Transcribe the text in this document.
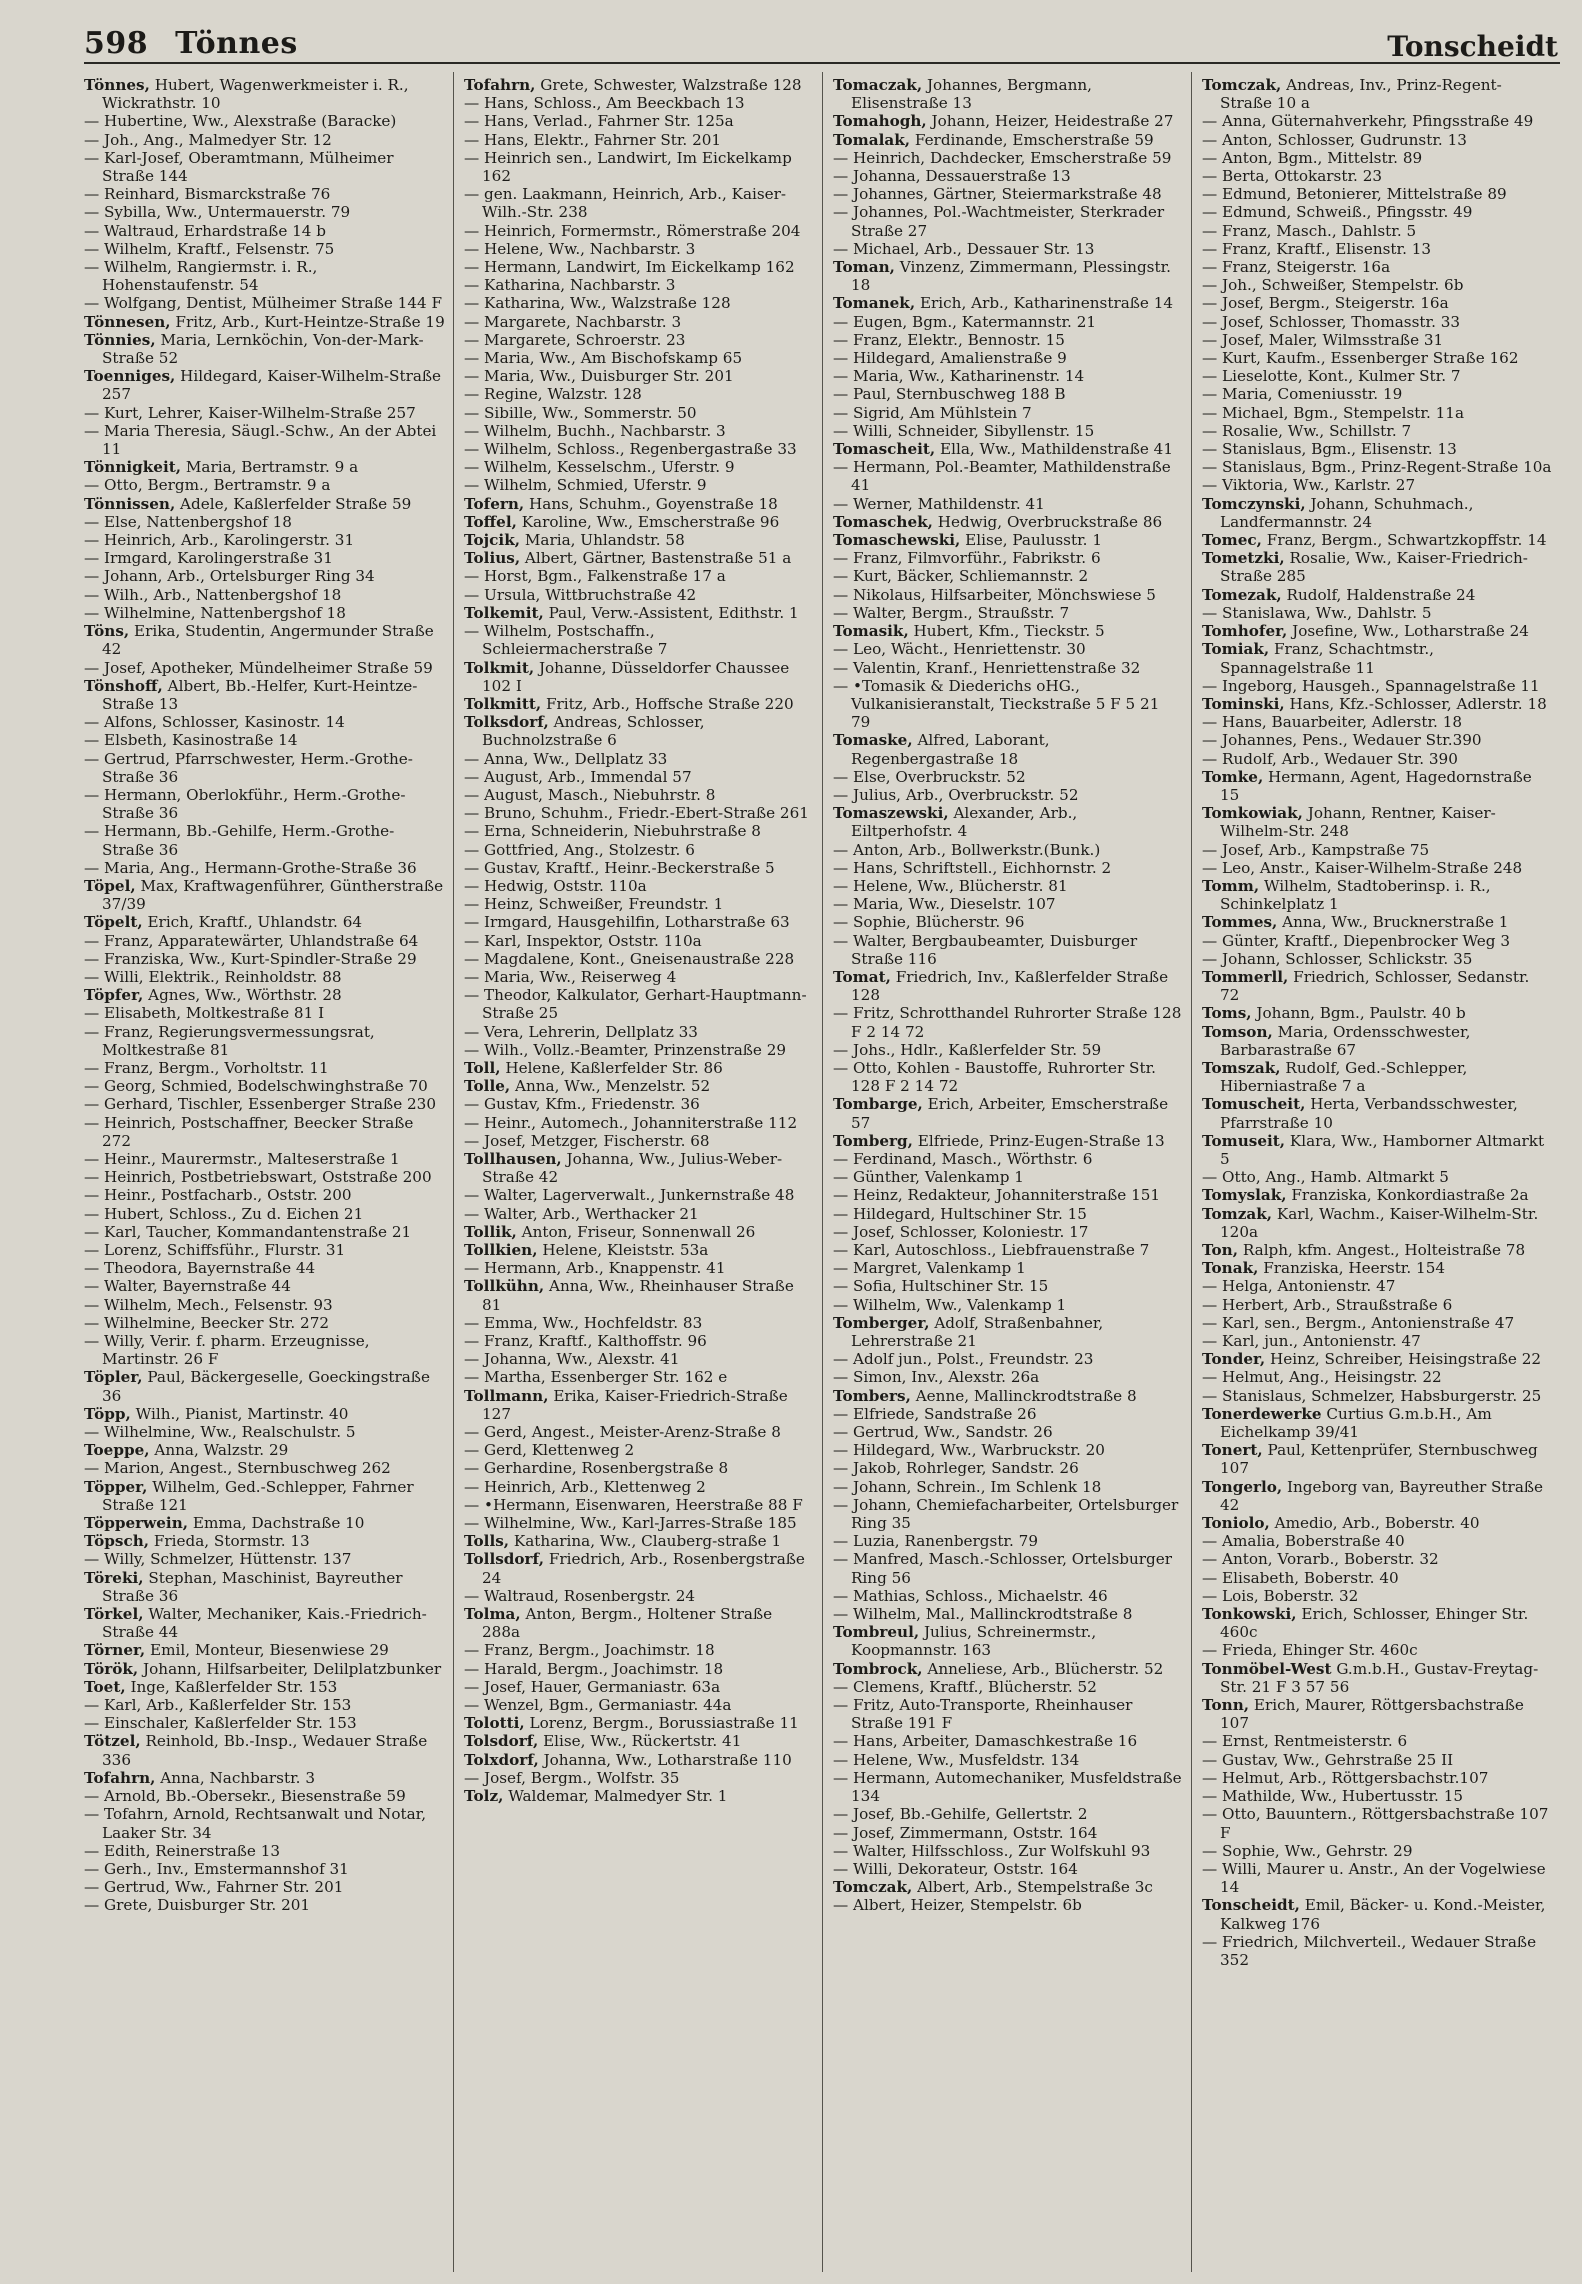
598 Tönnes	Tonscheidt

Tönnes, Hubert, Wagenwerkmeister i. R., Wickrathstr. 10

— Hubertine, Ww., Alexstraße (Baracke)

— Joh., Ang., Malmedyer Str. 12

— Karl-Josef, Oberamtmann, Mülheimer Straße 144

— Reinhard, Bismarckstraße 76

— Sybilla, Ww., Untermauerstr. 79

— Waltraud, Erhardstraße 14 b

— Wilhelm, Kraftf., Felsenstr. 75

— Wilhelm, Rangiermstr. i. R., Hohenstaufenstr. 54

— Wolfgang, Dentist, Mülheimer Straße 144 F

Tönnesen, Fritz, Arb., Kurt-Heintze-Straße 19

Tönnies, Maria, Lernköchin, Von-der-Mark-Straße 52

Toenniges, Hildegard, Kaiser-Wilhelm-Straße 257

— Kurt, Lehrer, Kaiser-Wilhelm-Straße 257

— Maria Theresia, Säugl.-Schw., An der Abtei 11

Tönnigkeit, Maria, Bertramstr. 9 a

— Otto, Bergm., Bertramstr. 9 a

Tönnissen, Adele, Kaßlerfelder Straße 59

— Else, Nattenbergshof 18

— Heinrich, Arb., Karolingerstr. 31

— Irmgard, Karolingerstraße 31

— Johann, Arb., Ortelsburger Ring 34

— Wilh., Arb., Nattenbergshof 18

— Wilhelmine, Nattenbergshof 18

Töns, Erika, Studentin, Angermunder Straße 42

— Josef, Apotheker, Mündelheimer Straße 59

Tönshoff, Albert, Bb.-Helfer, Kurt-Heintze-Straße 13

— Alfons, Schlosser, Kasinostr. 14

— Elsbeth, Kasinostraße 14

— Gertrud, Pfarrschwester, Herm.-Grothe-Straße 36

— Hermann, Oberlokführ., Herm.-Grothe-Straße 36

— Hermann, Bb.-Gehilfe, Herm.-Grothe-Straße 36

— Maria, Ang., Hermann-Grothe-Straße 36

Töpel, Max, Kraftwagenführer, Güntherstraße 37/39

Töpelt, Erich, Kraftf., Uhlandstr. 64

— Franz, Apparatewärter, Uhlandstraße 64

— Franziska, Ww., Kurt-Spindler-Straße 29

— Willi, Elektrik., Reinholdstr. 88

Töpfer, Agnes, Ww., Wörthstr. 28

— Elisabeth, Moltkestraße 81 I

— Franz, Regierungsvermessungsrat, Moltkestraße 81

— Franz, Bergm., Vorholtstr. 11

— Georg, Schmied, Bodelschwinghstraße 70

— Gerhard, Tischler, Essenberger Straße 230

— Heinrich, Postschaffner, Beecker Straße 272

— Heinr., Maurermstr., Malteserstraße 1

— Heinrich, Postbetriebswart, Oststraße 200

— Heinr., Postfacharb., Oststr. 200

— Hubert, Schloss., Zu d. Eichen 21

— Karl, Taucher, Kommandantenstraße 21

— Lorenz, Schiffsführ., Flurstr. 31

— Theodora, Bayernstraße 44

— Walter, Bayernstraße 44

— Wilhelm, Mech., Felsenstr. 93

— Wilhelmine, Beecker Str. 272

— Willy, Verir. f. pharm. Erzeugnisse, Martinstr. 26 F

Töpler, Paul, Bäckergeselle, Goeckingstraße 36

Töpp, Wilh., Pianist, Martinstr. 40

— Wilhelmine, Ww., Realschulstr. 5

Toeppe, Anna, Walzstr. 29

— Marion, Angest., Sternbuschweg 262

Töpper, Wilhelm, Ged.-Schlepper, Fahrner Straße 121

Töpperwein, Emma, Dachstraße 10

Töpsch, Frieda, Stormstr. 13

— Willy, Schmelzer, Hüttenstr. 137

Töreki, Stephan, Maschinist, Bayreuther Straße 36

Törkel, Walter, Mechaniker, Kais.-Friedrich-Straße 44

Törner, Emil, Monteur, Biesenwiese 29

Török, Johann, Hilfsarbeiter, Delilplatzbunker

Toet, Inge, Kaßlerfelder Str. 153

— Karl, Arb., Kaßlerfelder Str. 153

— Einschaler, Kaßlerfelder Str. 153

Tötzel, Reinhold, Bb.-Insp., Wedauer Straße 336

Tofahrn, Anna, Nachbarstr. 3

— Arnold, Bb.-Obersekr., Biesenstraße 59

— Tofahrn, Arnold, Rechtsanwalt und Notar, Laaker Str. 34

— Edith, Reinerstraße 13

— Gerh., Inv., Emstermannshof 31

— Gertrud, Ww., Fahrner Str. 201

— Grete, Duisburger Str. 201

Tofahrn, Grete, Schwester, Walzstraße 128

— Hans, Schloss., Am Beeckbach 13

— Hans, Verlad., Fahrner Str. 125a

— Hans, Elektr., Fahrner Str. 201

— Heinrich sen., Landwirt, Im Eickelkamp 162

— gen. Laakmann, Heinrich, Arb., Kaiser-Wilh.-Str. 238

— Heinrich, Formermstr., Römerstraße 204

— Helene, Ww., Nachbarstr. 3

— Hermann, Landwirt, Im Eickelkamp 162

— Katharina, Nachbarstr. 3

— Katharina, Ww., Walzstraße 128

— Margarete, Nachbarstr. 3

— Margarete, Schroerstr. 23

— Maria, Ww., Am Bischofskamp 65

— Maria, Ww., Duisburger Str. 201

— Regine, Walzstr. 128

— Sibille, Ww., Sommerstr. 50

— Wilhelm, Buchh., Nachbarstr. 3

— Wilhelm, Schloss., Regenbergastraße 33

— Wilhelm, Kesselschm., Uferstr. 9

— Wilhelm, Schmied, Uferstr. 9

Tofern, Hans, Schuhm., Goyenstraße 18

Toffel, Karoline, Ww., Emscherstraße 96

Tojcik, Maria, Uhlandstr. 58

Tolius, Albert, Gärtner, Bastenstraße 51 a

— Horst, Bgm., Falkenstraße 17 a

— Ursula, Wittbruchstraße 42

Tolkemit, Paul, Verw.-Assistent, Edithstr. 1

— Wilhelm, Postschaffn., Schleiermacherstraße 7

Tolkmit, Johanne, Düsseldorfer Chaussee 102 I

Tolkmitt, Fritz, Arb., Hoffsche Straße 220

Tolksdorf, Andreas, Schlosser, Buchnolzstraße 6

— Anna, Ww., Dellplatz 33

— August, Arb., Immendal 57

— August, Masch., Niebuhrstr. 8

— Bruno, Schuhm., Friedr.-Ebert-Straße 261

— Erna, Schneiderin, Niebuhrstraße 8

— Gottfried, Ang., Stolzestr. 6

— Gustav, Kraftf., Heinr.-Beckerstraße 5

— Hedwig, Oststr. 110a

— Heinz, Schweißer, Freundstr. 1

— Irmgard, Hausgehilfin, Lotharstraße 63

— Karl, Inspektor, Oststr. 110a

— Magdalene, Kont., Gneisenaustraße 228

— Maria, Ww., Reiserweg 4

— Theodor, Kalkulator, Gerhart-Hauptmann-Straße 25

— Vera, Lehrerin, Dellplatz 33

— Wilh., Vollz.-Beamter, Prinzenstraße 29

Toll, Helene, Kaßlerfelder Str. 86

Tolle, Anna, Ww., Menzelstr. 52

— Gustav, Kfm., Friedenstr. 36

— Heinr., Automech., Johanniterstraße 112

— Josef, Metzger, Fischerstr. 68

Tollhausen, Johanna, Ww., Julius-Weber-Straße 42

— Walter, Lagerverwalt., Junkernstraße 48

— Walter, Arb., Werthacker 21

Tollik, Anton, Friseur, Sonnenwall 26

Tollkien, Helene, Kleiststr. 53a

— Hermann, Arb., Knappenstr. 41

Tollkühn, Anna, Ww., Rheinhauser Straße 81

— Emma, Ww., Hochfeldstr. 83

— Franz, Kraftf., Kalthoffstr. 96

— Johanna, Ww., Alexstr. 41

— Martha, Essenberger Str. 162 e

Tollmann, Erika, Kaiser-Friedrich-Straße 127

— Gerd, Angest., Meister-Arenz-Straße 8

— Gerd, Klettenweg 2

— Gerhardine, Rosenbergstraße 8

— Heinrich, Arb., Klettenweg 2

— •Hermann, Eisenwaren, Heerstraße 88 F

— Wilhelmine, Ww., Karl-Jarres-Straße 185

Tolls, Katharina, Ww., Clauberg-straße 1

Tollsdorf, Friedrich, Arb., Rosenbergstraße 24

— Waltraud, Rosenbergstr. 24

Tolma, Anton, Bergm., Holtener Straße 288a

— Franz, Bergm., Joachimstr. 18

— Harald, Bergm., Joachimstr. 18

— Josef, Hauer, Germaniastr. 63a

— Wenzel, Bgm., Germaniastr. 44a

Tolotti, Lorenz, Bergm., Borussiastraße 11

Tolsdorf, Elise, Ww., Rückertstr. 41

Tolxdorf, Johanna, Ww., Lotharstraße 110

— Josef, Bergm., Wolfstr. 35

Tolz, Waldemar, Malmedyer Str. 1

Tomaczak, Johannes, Bergmann, Elisenstraße 13

Tomahogh, Johann, Heizer, Heidestraße 27

Tomalak, Ferdinande, Emscherstraße 59

— Heinrich, Dachdecker, Emscherstraße 59

— Johanna, Dessauerstraße 13

— Johannes, Gärtner, Steiermarkstraße 48

— Johannes, Pol.-Wachtmeister, Sterkrader Straße 27

— Michael, Arb., Dessauer Str. 13

Toman, Vinzenz, Zimmermann, Plessingstr. 18

Tomanek, Erich, Arb., Katharinenstraße 14

— Eugen, Bgm., Katermannstr. 21

— Franz, Elektr., Bennostr. 15

— Hildegard, Amalienstraße 9

— Maria, Ww., Katharinenstr. 14

— Paul, Sternbuschweg 188 B

— Sigrid, Am Mühlstein 7

— Willi, Schneider, Sibyllenstr. 15

Tomascheit, Ella, Ww., Mathildenstraße 41

— Hermann, Pol.-Beamter, Mathildenstraße 41

— Werner, Mathildenstr. 41

Tomaschek, Hedwig, Overbruckstraße 86

Tomaschewski, Elise, Paulusstr. 1

— Franz, Filmvorführ., Fabrikstr. 6

— Kurt, Bäcker, Schliemannstr. 2

— Nikolaus, Hilfsarbeiter, Mönchswiese 5

— Walter, Bergm., Straußstr. 7

Tomasik, Hubert, Kfm., Tieckstr. 5

— Leo, Wächt., Henriettenstr. 30

— Valentin, Kranf., Henriettenstraße 32

— •Tomasik & Diederichs oHG., Vulkanisieranstalt, Tieckstraße 5 F 5 21 79

Tomaske, Alfred, Laborant, Regenbergastraße 18

— Else, Overbruckstr. 52

— Julius, Arb., Overbruckstr. 52

Tomaszewski, Alexander, Arb., Eiltperhofstr. 4

— Anton, Arb., Bollwerkstr.(Bunk.)

— Hans, Schriftstell., Eichhornstr. 2

— Helene, Ww., Blücherstr. 81

— Maria, Ww., Dieselstr. 107

— Sophie, Blücherstr. 96

— Walter, Bergbaubeamter, Duisburger Straße 116

Tomat, Friedrich, Inv., Kaßlerfelder Straße 128

— Fritz, Schrotthandel Ruhrorter Straße 128 F 2 14 72

— Johs., Hdlr., Kaßlerfelder Str. 59

— Otto, Kohlen - Baustoffe, Ruhrorter Str. 128 F 2 14 72

Tombarge, Erich, Arbeiter, Emscherstraße 57

Tomberg, Elfriede, Prinz-Eugen-Straße 13

— Ferdinand, Masch., Wörthstr. 6

— Günther, Valenkamp 1

— Heinz, Redakteur, Johanniterstraße 151

— Hildegard, Hultschiner Str. 15

— Josef, Schlosser, Koloniestr. 17

— Karl, Autoschloss., Liebfrauenstraße 7

— Margret, Valenkamp 1

— Sofia, Hultschiner Str. 15

— Wilhelm, Ww., Valenkamp 1

Tomberger, Adolf, Straßenbahner, Lehrerstraße 21

— Adolf jun., Polst., Freundstr. 23

— Simon, Inv., Alexstr. 26a

Tombers, Aenne, Mallinckrodtstraße 8

— Elfriede, Sandstraße 26

— Gertrud, Ww., Sandstr. 26

— Hildegard, Ww., Warbruckstr. 20

— Jakob, Rohrleger, Sandstr. 26

— Johann, Schrein., Im Schlenk 18

— Johann, Chemiefacharbeiter, Ortelsburger Ring 35

— Luzia, Ranenbergstr. 79

— Manfred, Masch.-Schlosser, Ortelsburger Ring 56

— Mathias, Schloss., Michaelstr. 46

— Wilhelm, Mal., Mallinckrodtstraße 8

Tombreul, Julius, Schreinermstr., Koopmannstr. 163

Tombrock, Anneliese, Arb., Blücherstr. 52

— Clemens, Kraftf., Blücherstr. 52

— Fritz, Auto-Transporte, Rheinhauser Straße 191 F

— Hans, Arbeiter, Damaschkestraße 16

— Helene, Ww., Musfeldstr. 134

— Hermann, Automechaniker, Musfeldstraße 134

— Josef, Bb.-Gehilfe, Gellertstr. 2

— Josef, Zimmermann, Oststr. 164

— Walter, Hilfsschloss., Zur Wolfskuhl 93

— Willi, Dekorateur, Oststr. 164

Tomczak, Albert, Arb., Stempelstraße 3c

— Albert, Heizer, Stempelstr. 6b

Tomczak, Andreas, Inv., Prinz-Regent-Straße 10 a

— Anna, Güternahverkehr, Pfingsstraße 49

— Anton, Schlosser, Gudrunstr. 13

— Anton, Bgm., Mittelstr. 89

— Berta, Ottokarstr. 23

— Edmund, Betonierer, Mittelstraße 89

— Edmund, Schweiß., Pfingsstr. 49

— Franz, Masch., Dahlstr. 5

— Franz, Kraftf., Elisenstr. 13

— Franz, Steigerstr. 16a

— Joh., Schweißer, Stempelstr. 6b

— Josef, Bergm., Steigerstr. 16a

— Josef, Schlosser, Thomasstr. 33

— Josef, Maler, Wilmsstraße 31

— Kurt, Kaufm., Essenberger Straße 162

— Lieselotte, Kont., Kulmer Str. 7

— Maria, Comeniusstr. 19

— Michael, Bgm., Stempelstr. 11a

— Rosalie, Ww., Schillstr. 7

— Stanislaus, Bgm., Elisenstr. 13

— Stanislaus, Bgm., Prinz-Regent-Straße 10a

— Viktoria, Ww., Karlstr. 27

Tomczynski, Johann, Schuhmach., Landfermannstr. 24

Tomec, Franz, Bergm., Schwartzkopffstr. 14

Tometzki, Rosalie, Ww., Kaiser-Friedrich-Straße 285

Tomezak, Rudolf, Haldenstraße 24

— Stanislawa, Ww., Dahlstr. 5

Tomhofer, Josefine, Ww., Lotharstraße 24

Tomiak, Franz, Schachtmstr., Spannagelstraße 11

— Ingeborg, Hausgeh., Spannagelstraße 11

Tominski, Hans, Kfz.-Schlosser, Adlerstr. 18

— Hans, Bauarbeiter, Adlerstr. 18

— Johannes, Pens., Wedauer Str.390

— Rudolf, Arb., Wedauer Str. 390

Tomke, Hermann, Agent, Hagedornstraße 15

Tomkowiak, Johann, Rentner, Kaiser-Wilhelm-Str. 248

— Josef, Arb., Kampstraße 75

— Leo, Anstr., Kaiser-Wilhelm-Straße 248

Tomm, Wilhelm, Stadtoberinsp. i. R., Schinkelplatz 1

Tommes, Anna, Ww., Brucknerstraße 1

— Günter, Kraftf., Diepenbrocker Weg 3

— Johann, Schlosser, Schlickstr. 35

Tommerll, Friedrich, Schlosser, Sedanstr. 72

Toms, Johann, Bgm., Paulstr. 40 b

Tomson, Maria, Ordensschwester, Barbarastraße 67

Tomszak, Rudolf, Ged.-Schlepper, Hiberniastraße 7 a

Tomuscheit, Herta, Verbandsschwester, Pfarrstraße 10

Tomuseit, Klara, Ww., Hamborner Altmarkt 5

— Otto, Ang., Hamb. Altmarkt 5

Tomyslak, Franziska, Konkordiastraße 2a

Tomzak, Karl, Wachm., Kaiser-Wilhelm-Str. 120a

Ton, Ralph, kfm. Angest., Holteistraße 78

Tonak, Franziska, Heerstr. 154

— Helga, Antonienstr. 47

— Herbert, Arb., Straußstraße 6

— Karl, sen., Bergm., Antonienstraße 47

— Karl, jun., Antonienstr. 47

Tonder, Heinz, Schreiber, Heisingstraße 22

— Helmut, Ang., Heisingstr. 22

— Stanislaus, Schmelzer, Habsburgerstr. 25

Tonerdewerke Curtius G.m.b.H., Am Eichelkamp 39/41

Tonert, Paul, Kettenprüfer, Sternbuschweg 107

Tongerlo, Ingeborg van, Bayreuther Straße 42

Toniolo, Amedio, Arb., Boberstr. 40

— Amalia, Boberstraße 40

— Anton, Vorarb., Boberstr. 32

— Elisabeth, Boberstr. 40

— Lois, Boberstr. 32

Tonkowski, Erich, Schlosser, Ehinger Str. 460c

— Frieda, Ehinger Str. 460c

Tonmöbel-West G.m.b.H., Gustav-Freytag-Str. 21 F 3 57 56

Tonn, Erich, Maurer, Röttgersbachstraße 107

— Ernst, Rentmeisterstr. 6

— Gustav, Ww., Gehrstraße 25 II

— Helmut, Arb., Röttgersbachstr.107

— Mathilde, Ww., Hubertusstr. 15

— Otto, Bauuntern., Röttgersbachstraße 107 F

— Sophie, Ww., Gehrstr. 29

— Willi, Maurer u. Anstr., An der Vogelwiese 14

Tonscheidt, Emil, Bäcker- u. Kond.-Meister, Kalkweg 176

— Friedrich, Milchverteil., Wedauer Straße 352
